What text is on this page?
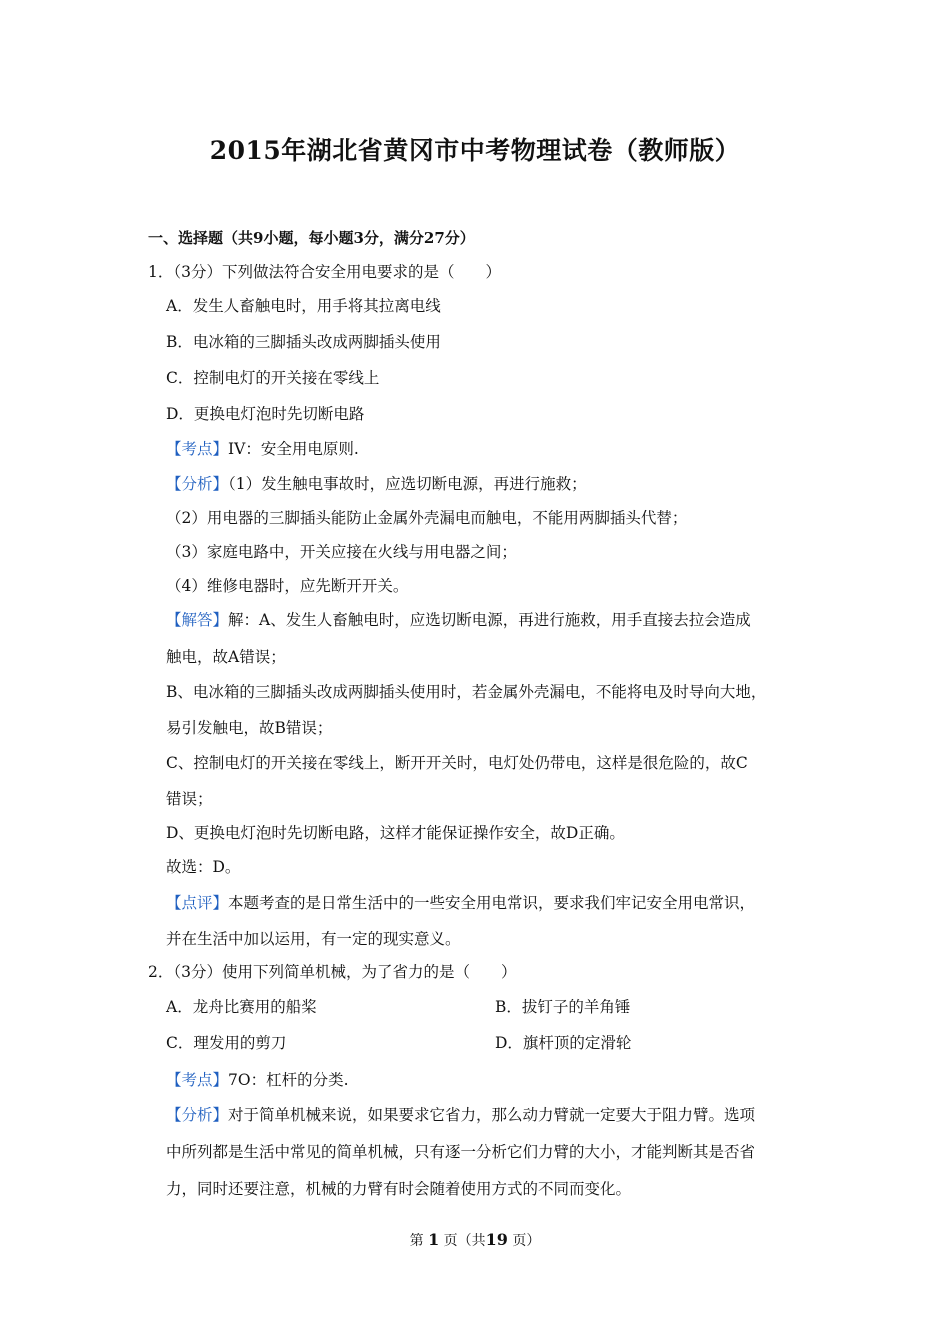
2015年湖北省黄冈市中考物理试卷（教师版）
一、选择题（共9小题，每小题3分，满分27分）
1．（3分）下列做法符合安全用电要求的是（　　）
A．发生人畜触电时，用手将其拉离电线
B．电冰箱的三脚插头改成两脚插头使用
C．控制电灯的开关接在零线上
D．更换电灯泡时先切断电路
【考点】IV：安全用电原则.
【分析】（1）发生触电事故时，应选切断电源，再进行施救；
（2）用电器的三脚插头能防止金属外壳漏电而触电，不能用两脚插头代替；
（3）家庭电路中，开关应接在火线与用电器之间；
（4）维修电器时，应先断开开关。
【解答】解：A、发生人畜触电时，应选切断电源，再进行施救，用手直接去拉会造成
触电，故A错误；
B、电冰箱的三脚插头改成两脚插头使用时，若金属外壳漏电，不能将电及时导向大地，
易引发触电，故B错误；
C、控制电灯的开关接在零线上，断开开关时，电灯处仍带电，这样是很危险的，故C
错误；
D、更换电灯泡时先切断电路，这样才能保证操作安全，故D正确。
故选：D。
【点评】本题考查的是日常生活中的一些安全用电常识，要求我们牢记安全用电常识，
并在生活中加以运用，有一定的现实意义。
2．（3分）使用下列简单机械，为了省力的是（　　）
A．龙舟比赛用的船桨	B．拔钉子的羊角锤
C．理发用的剪刀	D．旗杆顶的定滑轮
【考点】7O：杠杆的分类.
【分析】对于简单机械来说，如果要求它省力，那么动力臂就一定要大于阻力臂。选项
中所列都是生活中常见的简单机械，只有逐一分析它们力臂的大小，才能判断其是否省
力，同时还要注意，机械的力臂有时会随着使用方式的不同而变化。
第 1 页（共19 页）
